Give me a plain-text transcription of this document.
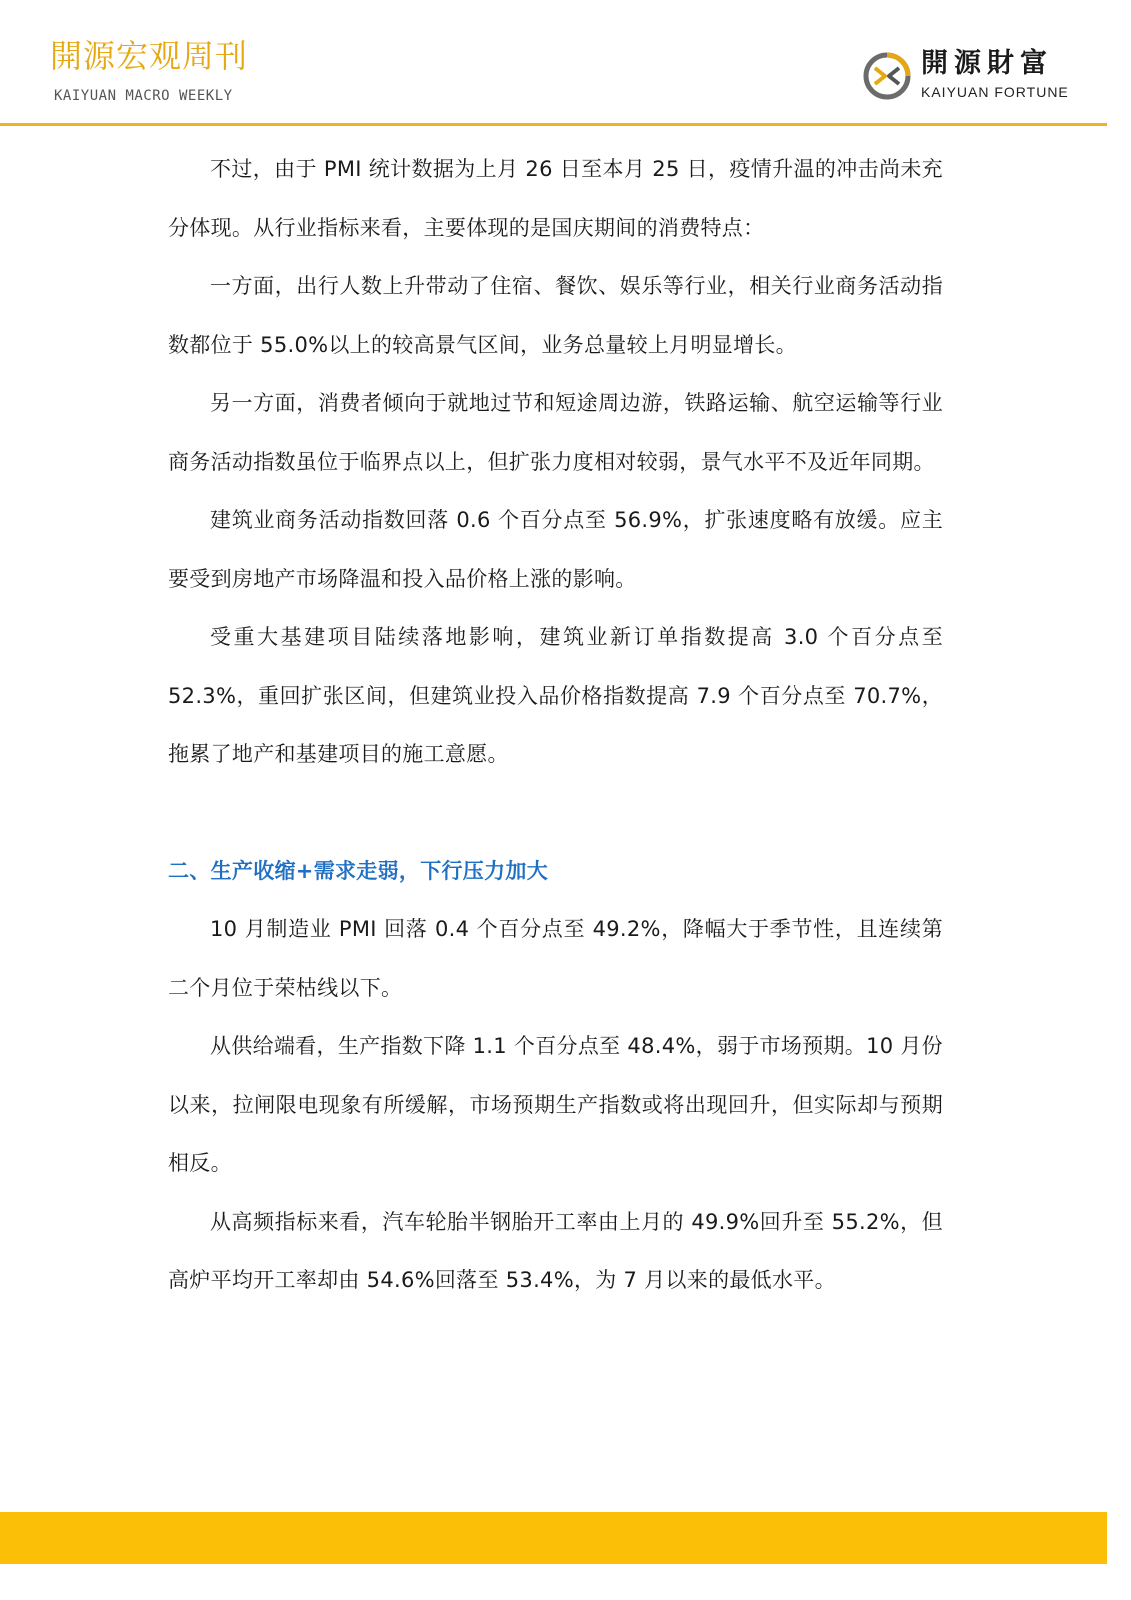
開源宏观周刊
KAIYUAN MACRO WEEKLY
開源財富
KAIYUAN FORTUNE

不过，由于 PMI 统计数据为上月 26 日至本月 25 日，疫情升温的冲击尚未充分体现。从行业指标来看，主要体现的是国庆期间的消费特点：

一方面，出行人数上升带动了住宿、餐饮、娱乐等行业，相关行业商务活动指数都位于 55.0%以上的较高景气区间，业务总量较上月明显增长。

另一方面，消费者倾向于就地过节和短途周边游，铁路运输、航空运输等行业商务活动指数虽位于临界点以上，但扩张力度相对较弱，景气水平不及近年同期。

建筑业商务活动指数回落 0.6 个百分点至 56.9%，扩张速度略有放缓。应主要受到房地产市场降温和投入品价格上涨的影响。

受重大基建项目陆续落地影响，建筑业新订单指数提高 3.0 个百分点至 52.3%，重回扩张区间，但建筑业投入品价格指数提高 7.9 个百分点至 70.7%，拖累了地产和基建项目的施工意愿。

二、生产收缩+需求走弱，下行压力加大

10 月制造业 PMI 回落 0.4 个百分点至 49.2%，降幅大于季节性，且连续第二个月位于荣枯线以下。

从供给端看，生产指数下降 1.1 个百分点至 48.4%，弱于市场预期。10 月份以来，拉闸限电现象有所缓解，市场预期生产指数或将出现回升，但实际却与预期相反。

从高频指标来看，汽车轮胎半钢胎开工率由上月的 49.9%回升至 55.2%，但高炉平均开工率却由 54.6%回落至 53.4%，为 7 月以来的最低水平。
